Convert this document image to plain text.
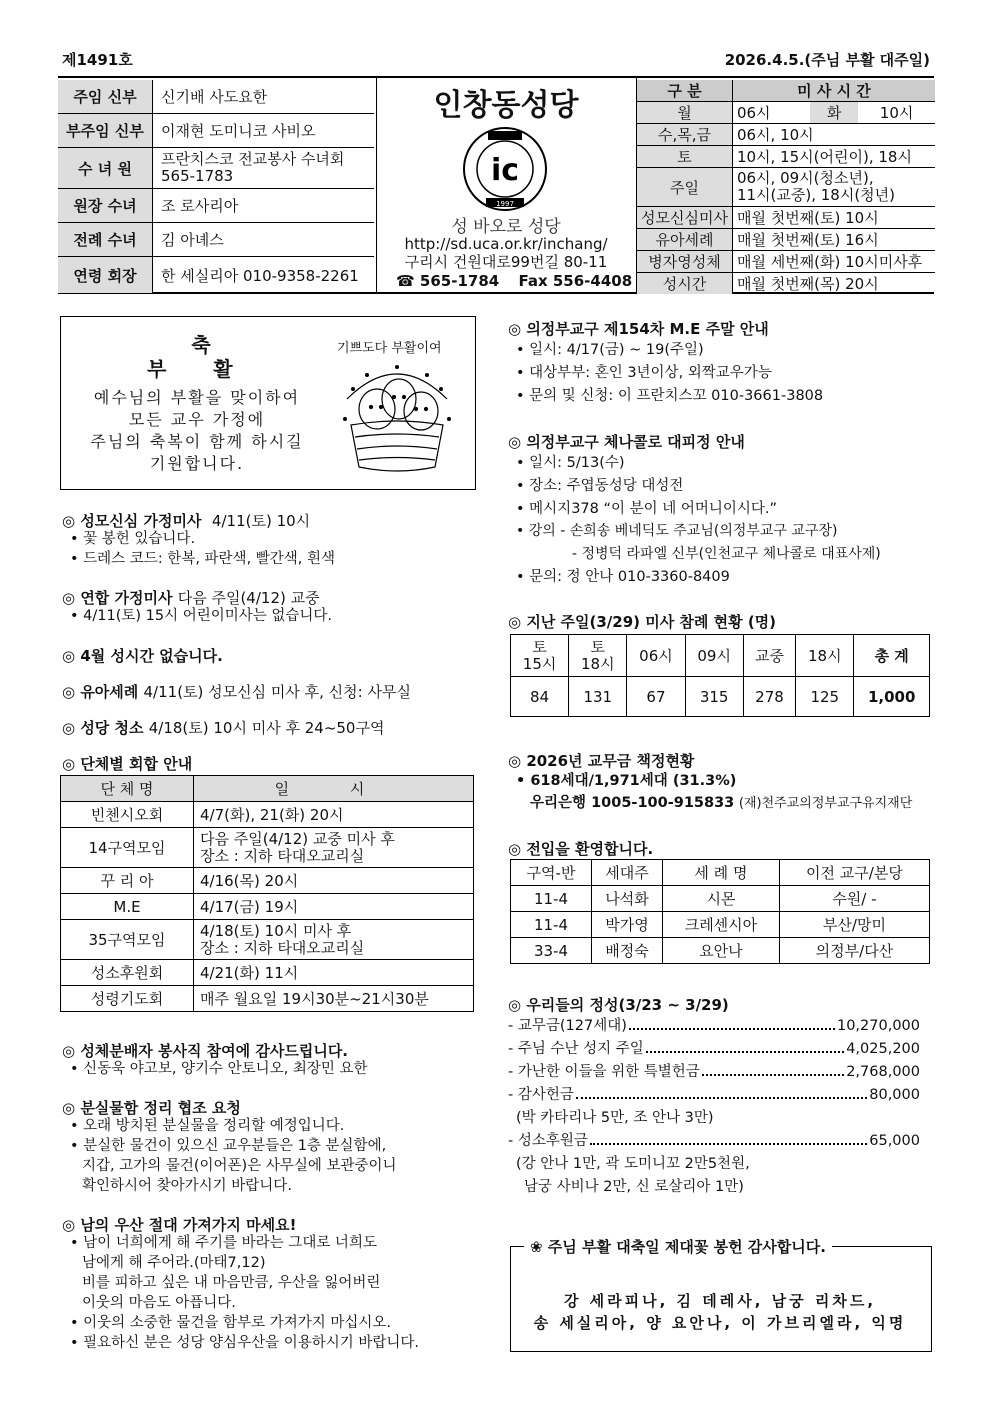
제1491호	2026.4.5.(주님 부활 대주일)
주임 신부	신기배 사도요한
부주임 신부	이재현 도미니코 사비오
수 녀 원	프란치스코 전교봉사 수녀회
565-1783
원장 수녀	조 로사리아
전례 수녀	김 아녜스
연령 회장	한 세실리아 010-9358-2261
인창동성당
ic
1997
성 바오로 성당
http://sd.uca.or.kr/inchang/
구리시 건원대로99번길 80-11
☎ 565-1784 Fax 556-4408
구 분	미 사 시 간		
월	06시	화	10시
수,목,금	06시, 10시		
토	10시, 15시(어린이), 18시		
주일	06시, 09시(청소년),
11시(교중), 18시(청년)		
성모신심미사	매월 첫번째(토) 10시		
유아세례	매월 첫번째(토) 16시		
병자영성체	매월 세번째(화) 10시미사후		
성시간	매월 첫번째(목) 20시		
축
부 활
예수님의 부활을 맞이하여
모든 교우 가정에
주님의 축복이 함께 하시길
기원합니다.
기쁘도다 부활이여
◎ 성모신심 가정미사 4/11(토) 10시
• 꽃 봉헌 있습니다.
• 드레스 코드: 한복, 파란색, 빨간색, 흰색
◎ 연합 가정미사 다음 주일(4/12) 교중
• 4/11(토) 15시 어린이미사는 없습니다.
◎ 4월 성시간 없습니다.
◎ 유아세례 4/11(토) 성모신심 미사 후, 신청: 사무실
◎ 성당 청소 4/18(토) 10시 미사 후 24~50구역
◎ 단체별 회합 안내
단 체 명	일 시
빈첸시오회	4/7(화), 21(화) 20시
14구역모임	다음 주일(4/12) 교중 미사 후
장소 : 지하 타대오교리실
꾸 리 아	4/16(목) 20시
M.E	4/17(금) 19시
35구역모임	4/18(토) 10시 미사 후
장소 : 지하 타대오교리실
성소후원회	4/21(화) 11시
성령기도회	매주 월요일 19시30분~21시30분
◎ 성체분배자 봉사직 참여에 감사드립니다.
• 신동욱 야고보, 양기수 안토니오, 최장민 요한
◎ 분실물함 정리 협조 요청
• 오래 방치된 분실물을 정리할 예정입니다.
• 분실한 물건이 있으신 교우분들은 1층 분실함에,
지갑, 고가의 물건(이어폰)은 사무실에 보관중이니
확인하시어 찾아가시기 바랍니다.
◎ 남의 우산 절대 가져가지 마세요!
• 남이 너희에게 해 주기를 바라는 그대로 너희도
남에게 해 주어라.(마태7,12)
비를 피하고 싶은 내 마음만큼, 우산을 잃어버린
이웃의 마음도 아픕니다.
• 이웃의 소중한 물건을 함부로 가져가지 마십시오.
• 필요하신 분은 성당 양심우산을 이용하시기 바랍니다.
◎ 의정부교구 제154차 M.E 주말 안내
• 일시: 4/17(금) ~ 19(주일)
• 대상부부: 혼인 3년이상, 외짝교우가능
• 문의 및 신청: 이 프란치스꼬 010-3661-3808
◎ 의정부교구 체나콜로 대피정 안내
• 일시: 5/13(수)
• 장소: 주엽동성당 대성전
• 메시지378 “이 분이 네 어머니이시다.”
• 강의 - 손희송 베네딕도 주교님(의정부교구 교구장)
- 정병덕 라파엘 신부(인천교구 체나콜로 대표사제)
• 문의: 정 안나 010-3360-8409
◎ 지난 주일(3/29) 미사 참례 현황 (명)
토
15시	토
18시	06시	09시	교중	18시	총 계
84	131	67	315	278	125	1,000
◎ 2026년 교무금 책정현황
• 618세대/1,971세대 (31.3%)
우리은행 1005-100-915833 (재)천주교의정부교구유지재단
◎ 전입을 환영합니다.
구역-반	세대주	세 례 명	이전 교구/본당
11-4	나석화	시몬	수원/ -
11-4	박가영	크레센시아	부산/망미
33-4	배정숙	요안나	의정부/다산
◎ 우리들의 정성(3/23 ~ 3/29)
- 교무금(127세대)	10,270,000
- 주님 수난 성지 주일	4,025,200
- 가난한 이들을 위한 특별헌금	2,768,000
- 감사헌금	80,000
(박 카타리나 5만, 조 안나 3만)
- 성소후원금	65,000
(강 안나 1만, 곽 도미니꼬 2만5천원,
남궁 사비나 2만, 신 로살리아 1만)
❀ 주님 부활 대축일 제대꽃 봉헌 감사합니다.
강 세라피나, 김 데레사, 남궁 리차드,
송 세실리아, 양 요안나, 이 가브리엘라, 익명
